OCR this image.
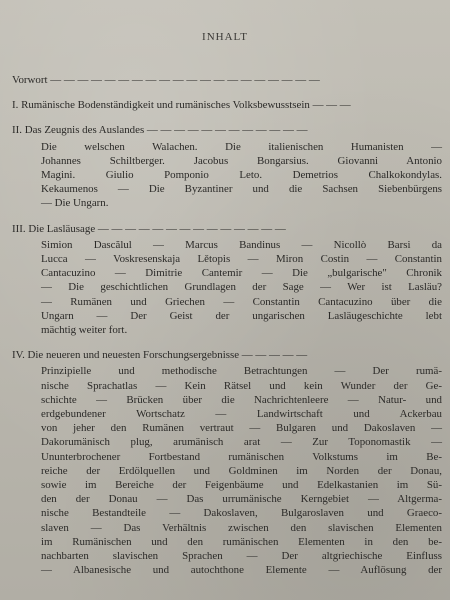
INHALT
Vorwort — — — — — — — — — — — — — — — — — — — —
I. Rumänische Bodenständigkeit und rumänisches Volksbewusstsein — — —
II. Das Zeugnis des Auslandes — — — — — — — — — — — —
Die welschen Walachen. Die italienischen Humanisten —
Johannes Schiltberger. Jacobus Bongarsius. Giovanni Antonio
Magini. Giulio Pomponio Leto. Demetrios Chalkokondylas.
Kekaumenos — Die Byzantiner und die Sachsen Siebenbürgens
— Die Ungarn.
III. Die Lasläusage — — — — — — — — — — — — — —
Simion Dascălul — Marcus Bandinus — Nicollò Barsi da
Lucca — Voskresenskaja Lětopis — Miron Costin — Constantin
Cantacuzino — Dimitrie Cantemir — Die „bulgarische" Chronik
— Die geschichtlichen Grundlagen der Sage — Wer ist Lasläu?
— Rumänen und Griechen — Constantin Cantacuzino über die
Ungarn — Der Geist der ungarischen Lasläugeschichte lebt
mächtig weiter fort.
IV. Die neueren und neuesten Forschungsergebnisse — — — — —
Prinzipielle und methodische Betrachtungen — Der rumä-
nische Sprachatlas — Kein Rätsel und kein Wunder der Ge-
schichte — Brücken über die Nachrichtenleere — Natur- und
erdgebundener Wortschatz — Landwirtschaft und Ackerbau
von jeher den Rumänen vertraut — Bulgaren und Dakoslaven —
Dakorumänisch plug, arumänisch arat — Zur Toponomastik —
Ununterbrochener Fortbestand rumänischen Volkstums im Be-
reiche der Erdölquellen und Goldminen im Norden der Donau,
sowie im Bereiche der Feigenbäume und Edelkastanien im Sü-
den der Donau — Das urrumänische Kerngebiet — Altgerma-
nische Bestandteile — Dakoslaven, Bulgaroslaven und Graeco-
slaven — Das Verhältnis zwischen den slavischen Elementen
im Rumänischen und den rumänischen Elementen in den be-
nachbarten slavischen Sprachen — Der altgriechische Einfluss
— Albanesische und autochthone Elemente — Auflösung der
